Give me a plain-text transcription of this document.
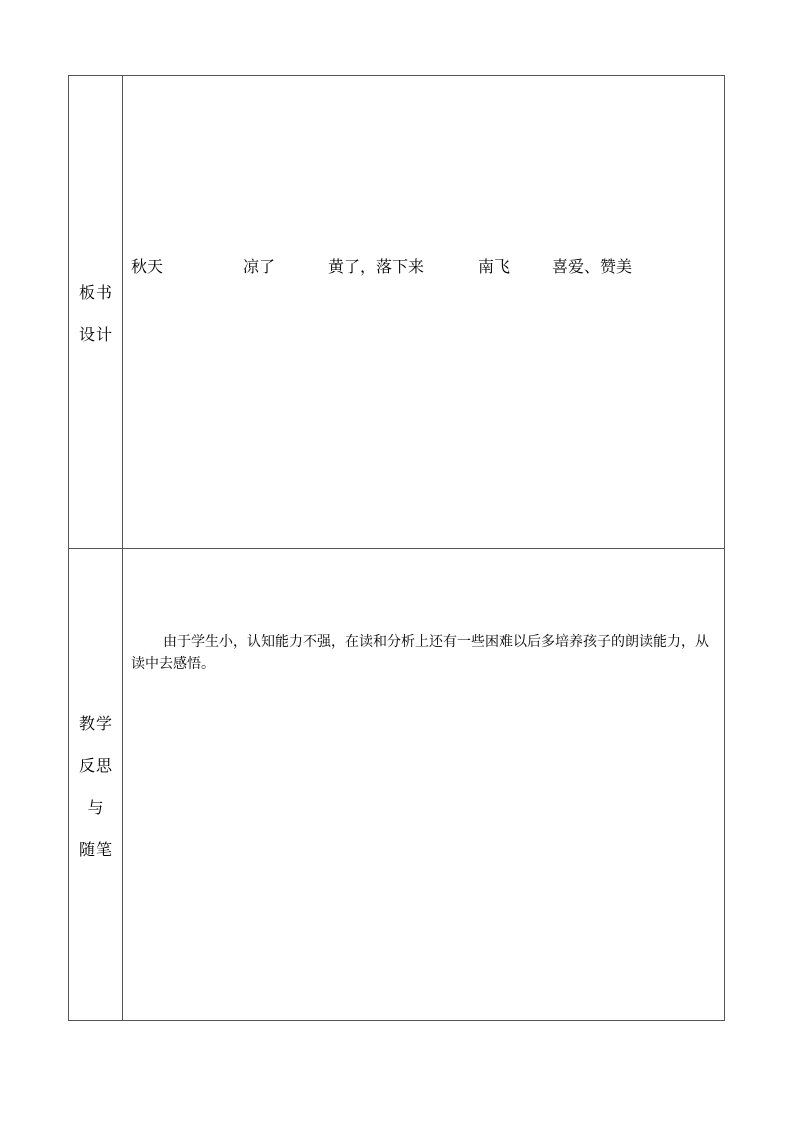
板书
设计
秋天	凉了	黄了，落下来	南飞	喜爱、赞美
教学
反思
与
随笔
由于学生小，认知能力不强，在读和分析上还有一些困难以后多培养孩子的朗读能力，从读中去感悟。
